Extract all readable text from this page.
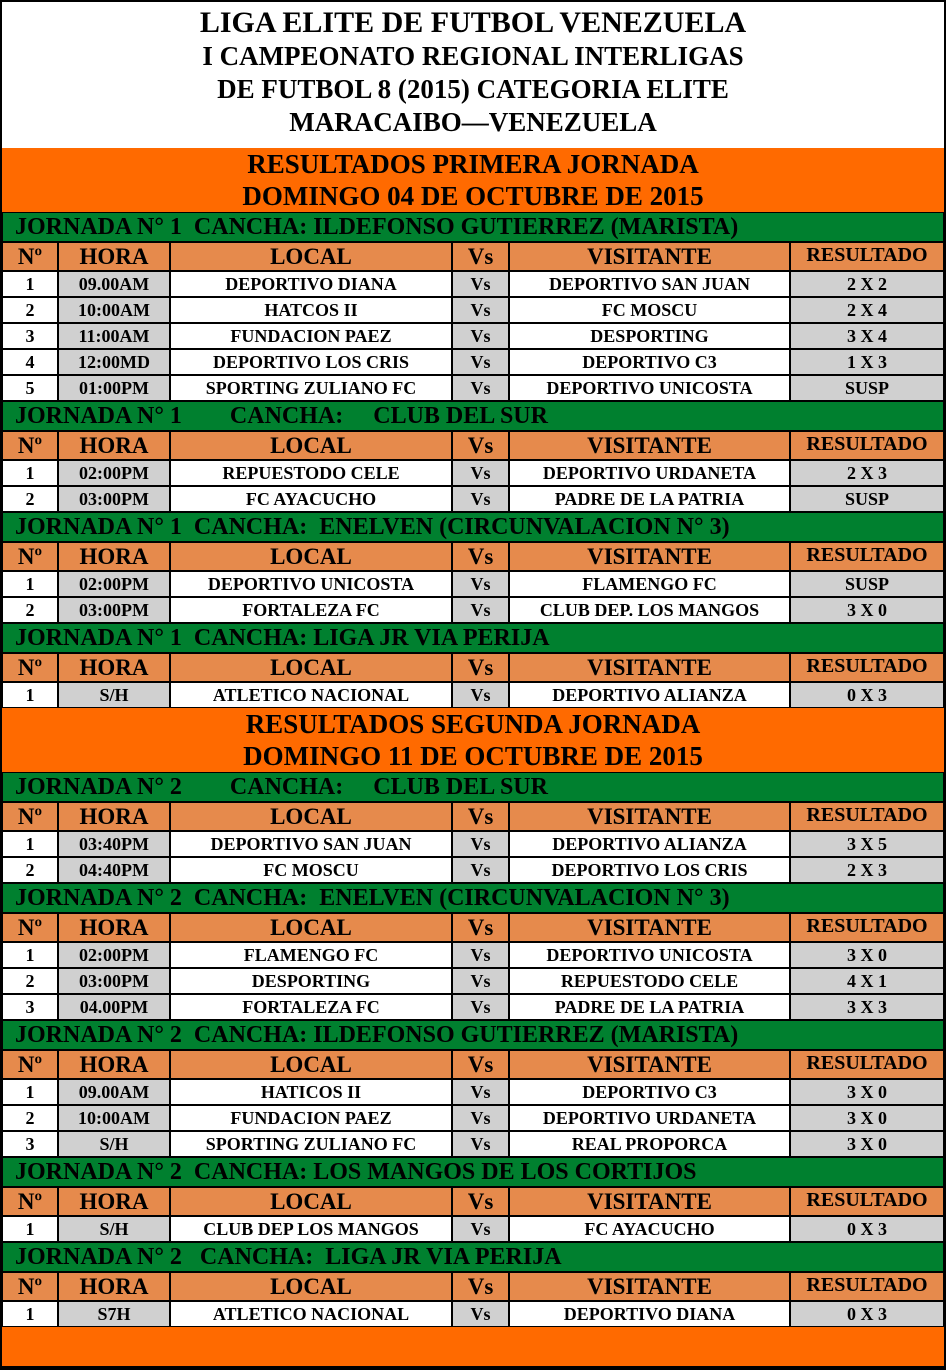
LIGA ELITE DE FUTBOL VENEZUELA
I CAMPEONATO REGIONAL INTERLIGAS
DE FUTBOL 8 (2015) CATEGORIA ELITE
MARACAIBO—VENEZUELA
RESULTADOS PRIMERA JORNADA
DOMINGO 04 DE OCTUBRE DE 2015
JORNADA N° 1  CANCHA: ILDEFONSO GUTIERREZ (MARISTA)
Nº	HORA	LOCAL	Vs	VISITANTE	RESULTADO
1	09.00AM	DEPORTIVO DIANA	Vs	DEPORTIVO SAN JUAN	2 X 2
2	10:00AM	HATCOS II	Vs	FC MOSCU	2 X 4
3	11:00AM	FUNDACION PAEZ	Vs	DESPORTING	3 X 4
4	12:00MD	DEPORTIVO LOS CRIS	Vs	DEPORTIVO C3	1 X 3
5	01:00PM	SPORTING ZULIANO FC	Vs	DEPORTIVO UNICOSTA	SUSP
JORNADA N° 1        CANCHA:     CLUB DEL SUR
Nº	HORA	LOCAL	Vs	VISITANTE	RESULTADO
1	02:00PM	REPUESTODO CELE	Vs	DEPORTIVO URDANETA	2 X 3
2	03:00PM	FC AYACUCHO	Vs	PADRE DE LA PATRIA	SUSP
JORNADA N° 1  CANCHA:  ENELVEN (CIRCUNVALACION N° 3)
Nº	HORA	LOCAL	Vs	VISITANTE	RESULTADO
1	02:00PM	DEPORTIVO UNICOSTA	Vs	FLAMENGO FC	SUSP
2	03:00PM	FORTALEZA FC	Vs	CLUB DEP. LOS MANGOS	3 X 0
JORNADA N° 1  CANCHA: LIGA JR VIA PERIJA
Nº	HORA	LOCAL	Vs	VISITANTE	RESULTADO
1	S/H	ATLETICO NACIONAL	Vs	DEPORTIVO ALIANZA	0 X 3
RESULTADOS SEGUNDA JORNADA
DOMINGO 11 DE OCTUBRE DE 2015
JORNADA N° 2        CANCHA:     CLUB DEL SUR
Nº	HORA	LOCAL	Vs	VISITANTE	RESULTADO
1	03:40PM	DEPORTIVO SAN JUAN	Vs	DEPORTIVO ALIANZA	3 X 5
2	04:40PM	FC MOSCU	Vs	DEPORTIVO LOS CRIS	2 X 3
JORNADA N° 2  CANCHA:  ENELVEN (CIRCUNVALACION N° 3)
Nº	HORA	LOCAL	Vs	VISITANTE	RESULTADO
1	02:00PM	FLAMENGO FC	Vs	DEPORTIVO UNICOSTA	3 X 0
2	03:00PM	DESPORTING	Vs	REPUESTODO CELE	4 X 1
3	04.00PM	FORTALEZA FC	Vs	PADRE DE LA PATRIA	3 X 3
JORNADA N° 2  CANCHA: ILDEFONSO GUTIERREZ (MARISTA)
Nº	HORA	LOCAL	Vs	VISITANTE	RESULTADO
1	09.00AM	HATICOS II	Vs	DEPORTIVO C3	3 X 0
2	10:00AM	FUNDACION PAEZ	Vs	DEPORTIVO URDANETA	3 X 0
3	S/H	SPORTING ZULIANO FC	Vs	REAL PROPORCA	3 X 0
JORNADA N° 2  CANCHA: LOS MANGOS DE LOS CORTIJOS
Nº	HORA	LOCAL	Vs	VISITANTE	RESULTADO
1	S/H	CLUB DEP LOS MANGOS	Vs	FC AYACUCHO	0 X 3
JORNADA N° 2   CANCHA:  LIGA JR VIA PERIJA
Nº	HORA	LOCAL	Vs	VISITANTE	RESULTADO
1	S7H	ATLETICO NACIONAL	Vs	DEPORTIVO DIANA	0 X 3
